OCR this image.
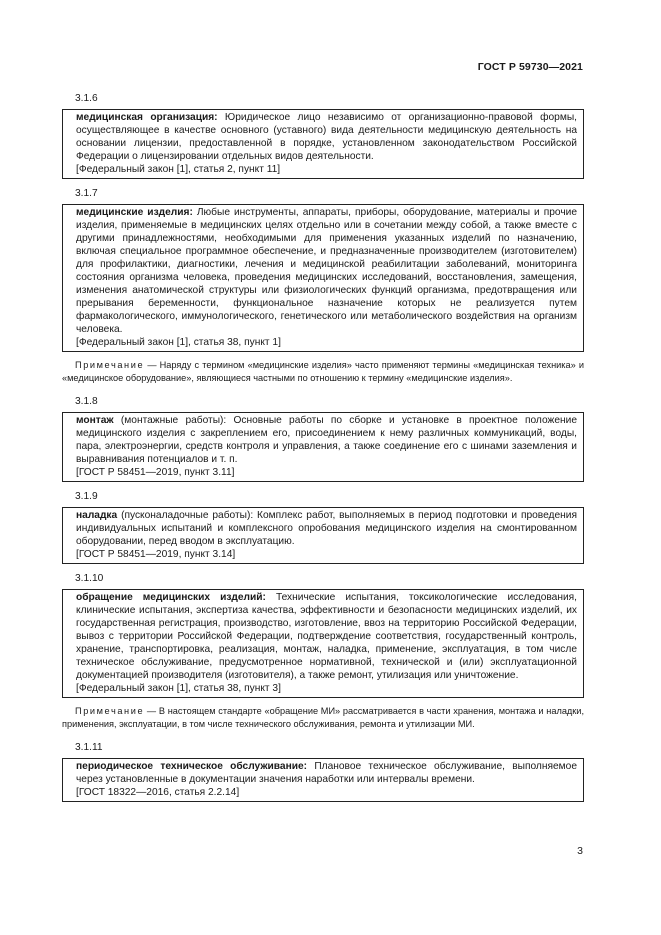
ГОСТ Р 59730—2021
3.1.6

медицинская организация: Юридическое лицо независимо от организационно-правовой формы, осуществляющее в качестве основного (уставного) вида деятельности медицинскую деятельность на основании лицензии, предоставленной в порядке, установленном законодательством Российской Федерации о лицензировании отдельных видов деятельности.

[Федеральный закон [1], статья 2, пункт 11]

3.1.7

медицинские изделия: Любые инструменты, аппараты, приборы, оборудование, материалы и прочие изделия, применяемые в медицинских целях отдельно или в сочетании между собой, а также вместе с другими принадлежностями, необходимыми для применения указанных изделий по назначению, включая специальное программное обеспечение, и предназначенные производителем (изготовителем) для профилактики, диагностики, лечения и медицинской реабилитации заболеваний, мониторинга состояния организма человека, проведения медицинских исследований, восстановления, замещения, изменения анатомической структуры или физиологических функций организма, предотвращения или прерывания беременности, функциональное назначение которых не реализуется путем фармакологического, иммунологического, генетического или метаболического воздействия на организм человека.

[Федеральный закон [1], статья 38, пункт 1]

Примечание — Наряду с термином «медицинские изделия» часто применяют термины «медицинская техника» и «медицинское оборудование», являющиеся частными по отношению к термину «медицинские изделия».

3.1.8

монтаж (монтажные работы): Основные работы по сборке и установке в проектное положение медицинского изделия с закреплением его, присоединением к нему различных коммуникаций, воды, пара, электроэнергии, средств контроля и управления, а также соединение его с шинами заземления и выравнивания потенциалов и т. п.

[ГОСТ Р 58451—2019, пункт 3.11]

3.1.9

наладка (пусконаладочные работы): Комплекс работ, выполняемых в период подготовки и проведения индивидуальных испытаний и комплексного опробования медицинского изделия на смонтированном оборудовании, перед вводом в эксплуатацию.

[ГОСТ Р 58451—2019, пункт 3.14]

3.1.10

обращение медицинских изделий: Технические испытания, токсикологические исследования, клинические испытания, экспертиза качества, эффективности и безопасности медицинских изделий, их государственная регистрация, производство, изготовление, ввоз на территорию Российской Федерации, вывоз с территории Российской Федерации, подтверждение соответствия, государственный контроль, хранение, транспортировка, реализация, монтаж, наладка, применение, эксплуатация, в том числе техническое обслуживание, предусмотренное нормативной, технической и (или) эксплуатационной документацией производителя (изготовителя), а также ремонт, утилизация или уничтожение.

[Федеральный закон [1], статья 38, пункт 3]

Примечание — В настоящем стандарте «обращение МИ» рассматривается в части хранения, монтажа и наладки, применения, эксплуатации, в том числе технического обслуживания, ремонта и утилизации МИ.

3.1.11

периодическое техническое обслуживание: Плановое техническое обслуживание, выполняемое через установленные в документации значения наработки или интервалы времени.

[ГОСТ 18322—2016, статья 2.2.14]

3
